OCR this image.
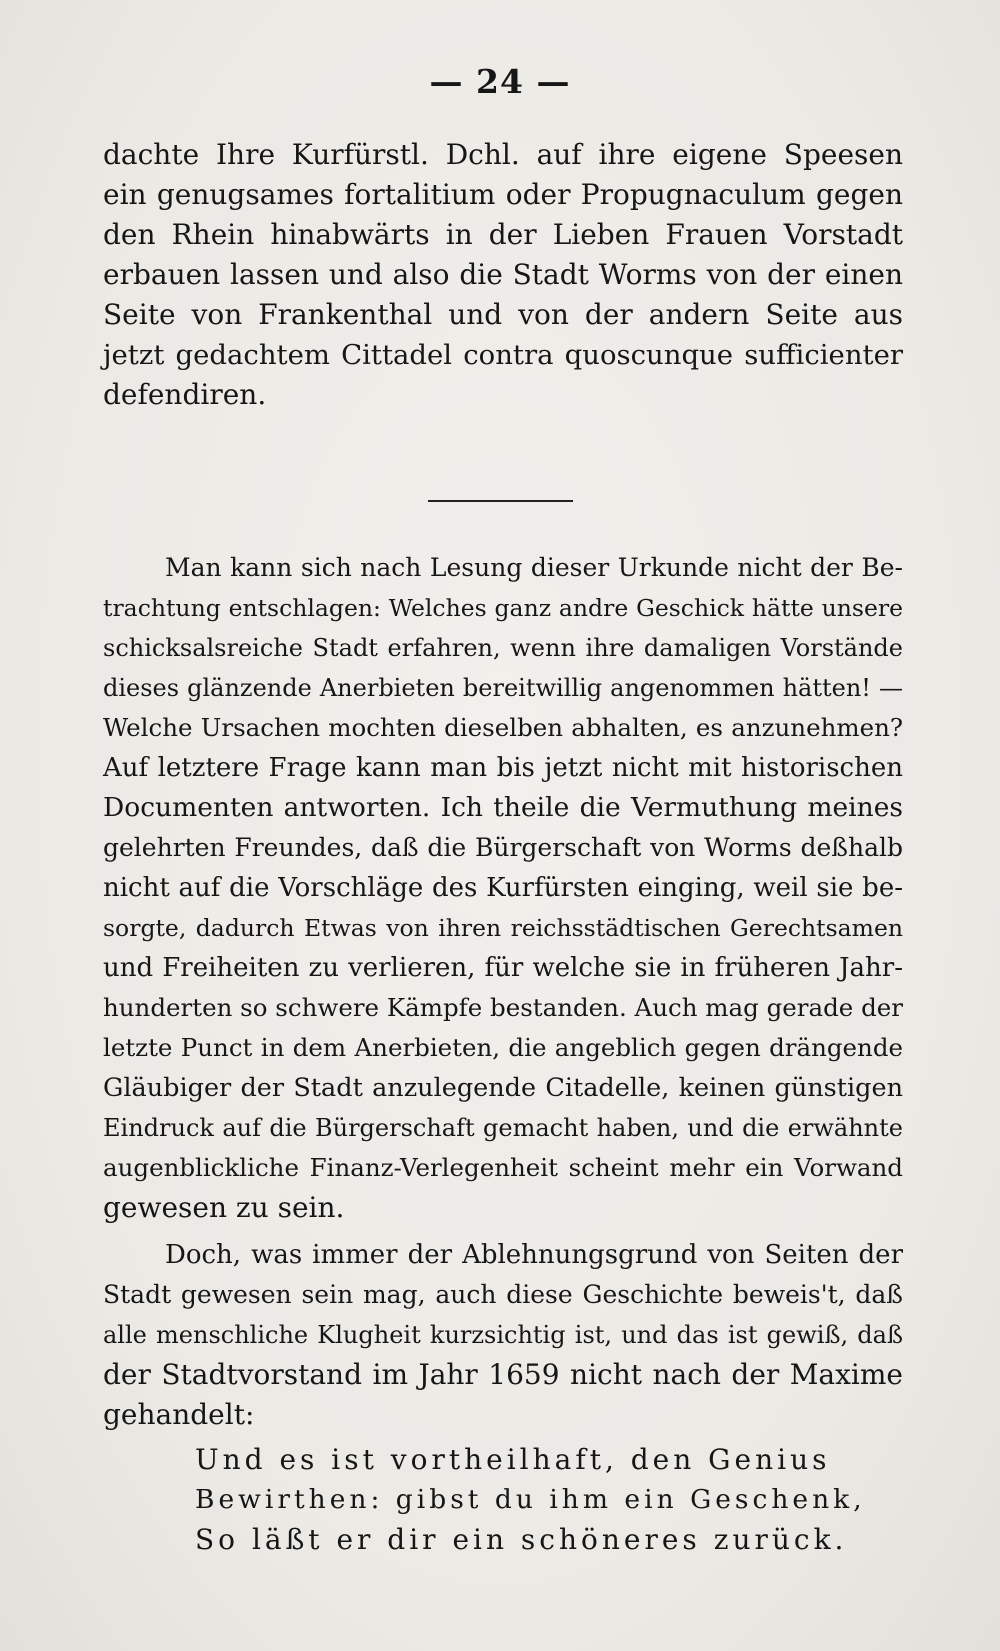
— 24 —
dachte Ihre Kurfürstl. Dchl. auf ihre eigene Speesen
ein genugsames fortalitium oder Propugnaculum gegen
den Rhein hinabwärts in der Lieben Frauen Vorstadt
erbauen lassen und also die Stadt Worms von der einen
Seite von Frankenthal und von der andern Seite aus
jetzt gedachtem Cittadel contra quoscunque sufficienter
defendiren.
Man kann sich nach Lesung dieser Urkunde nicht der Be-
trachtung entschlagen: Welches ganz andre Geschick hätte unsere
schicksalsreiche Stadt erfahren, wenn ihre damaligen Vorstände
dieses glänzende Anerbieten bereitwillig angenommen hätten! —
Welche Ursachen mochten dieselben abhalten, es anzunehmen?
Auf letztere Frage kann man bis jetzt nicht mit historischen
Documenten antworten. Ich theile die Vermuthung meines
gelehrten Freundes, daß die Bürgerschaft von Worms deßhalb
nicht auf die Vorschläge des Kurfürsten einging, weil sie be-
sorgte, dadurch Etwas von ihren reichsstädtischen Gerechtsamen
und Freiheiten zu verlieren, für welche sie in früheren Jahr-
hunderten so schwere Kämpfe bestanden. Auch mag gerade der
letzte Punct in dem Anerbieten, die angeblich gegen drängende
Gläubiger der Stadt anzulegende Citadelle, keinen günstigen
Eindruck auf die Bürgerschaft gemacht haben, und die erwähnte
augenblickliche Finanz-Verlegenheit scheint mehr ein Vorwand
gewesen zu sein.
Doch, was immer der Ablehnungsgrund von Seiten der
Stadt gewesen sein mag, auch diese Geschichte beweis't, daß
alle menschliche Klugheit kurzsichtig ist, und das ist gewiß, daß
der Stadtvorstand im Jahr 1659 nicht nach der Maxime
gehandelt:
Und es ist vortheilhaft, den Genius
Bewirthen: gibst du ihm ein Geschenk,
So läßt er dir ein schöneres zurück.
